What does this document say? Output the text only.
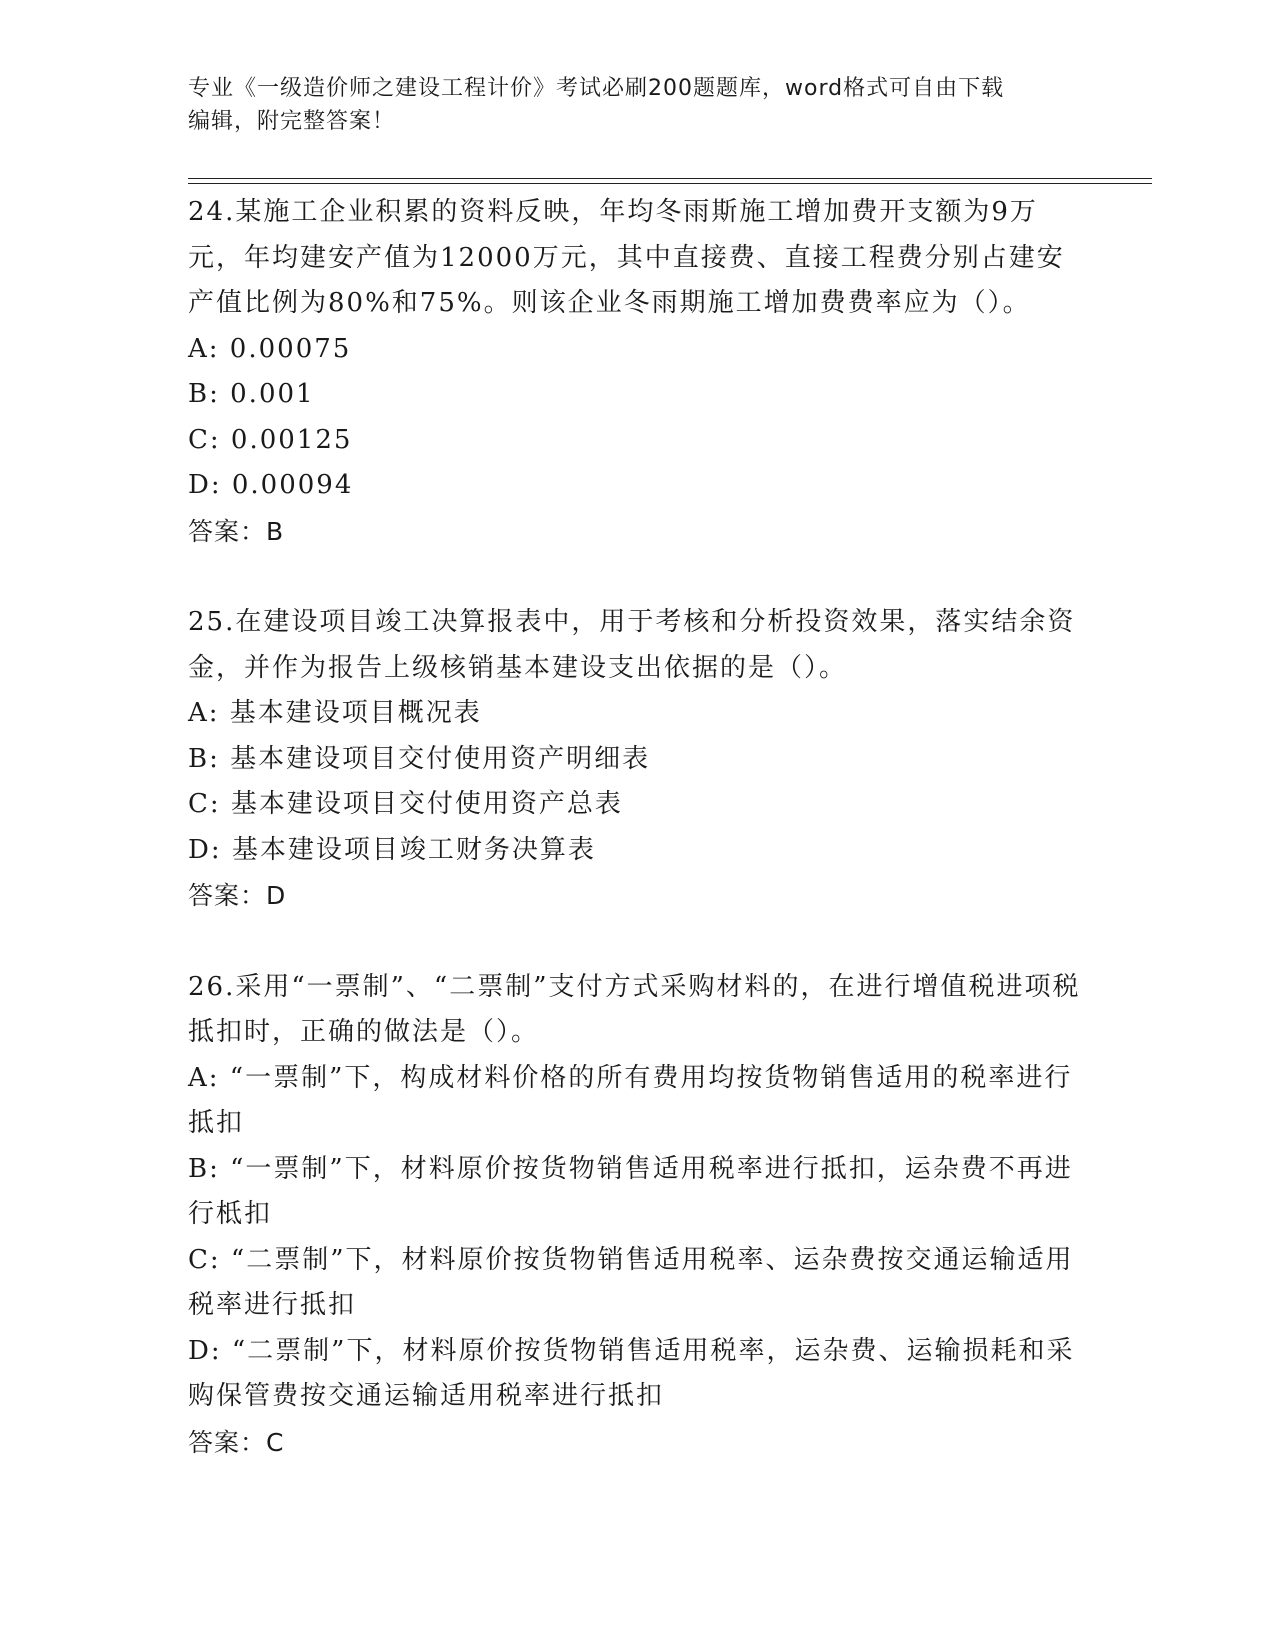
专业《一级造价师之建设工程计价》考试必刷200题题库，word格式可自由下载
编辑，附完整答案！
24.某施工企业积累的资料反映，年均冬雨斯施工增加费开支额为9万元，年均建安产值为12000万元，其中直接费、直接工程费分别占建安产值比例为80%和75%。则该企业冬雨期施工增加费费率应为（）。
A: 0.00075
B: 0.001
C: 0.00125
D: 0.00094
答案：B
25.在建设项目竣工决算报表中，用于考核和分析投资效果，落实结余资金，并作为报告上级核销基本建设支出依据的是（）。
A: 基本建设项目概况表
B: 基本建设项目交付使用资产明细表
C: 基本建设项目交付使用资产总表
D: 基本建设项目竣工财务决算表
答案：D
26.采用“一票制”、“二票制”支付方式采购材料的，在进行增值税进项税抵扣时，正确的做法是（）。
A: “一票制”下，构成材料价格的所有费用均按货物销售适用的税率进行抵扣
B: “一票制”下，材料原价按货物销售适用税率进行抵扣，运杂费不再进行柢扣
C: “二票制”下，材料原价按货物销售适用税率、运杂费按交通运输适用税率进行抵扣
D: “二票制”下，材料原价按货物销售适用税率，运杂费、运输损耗和采购保管费按交通运输适用税率进行抵扣
答案：C
